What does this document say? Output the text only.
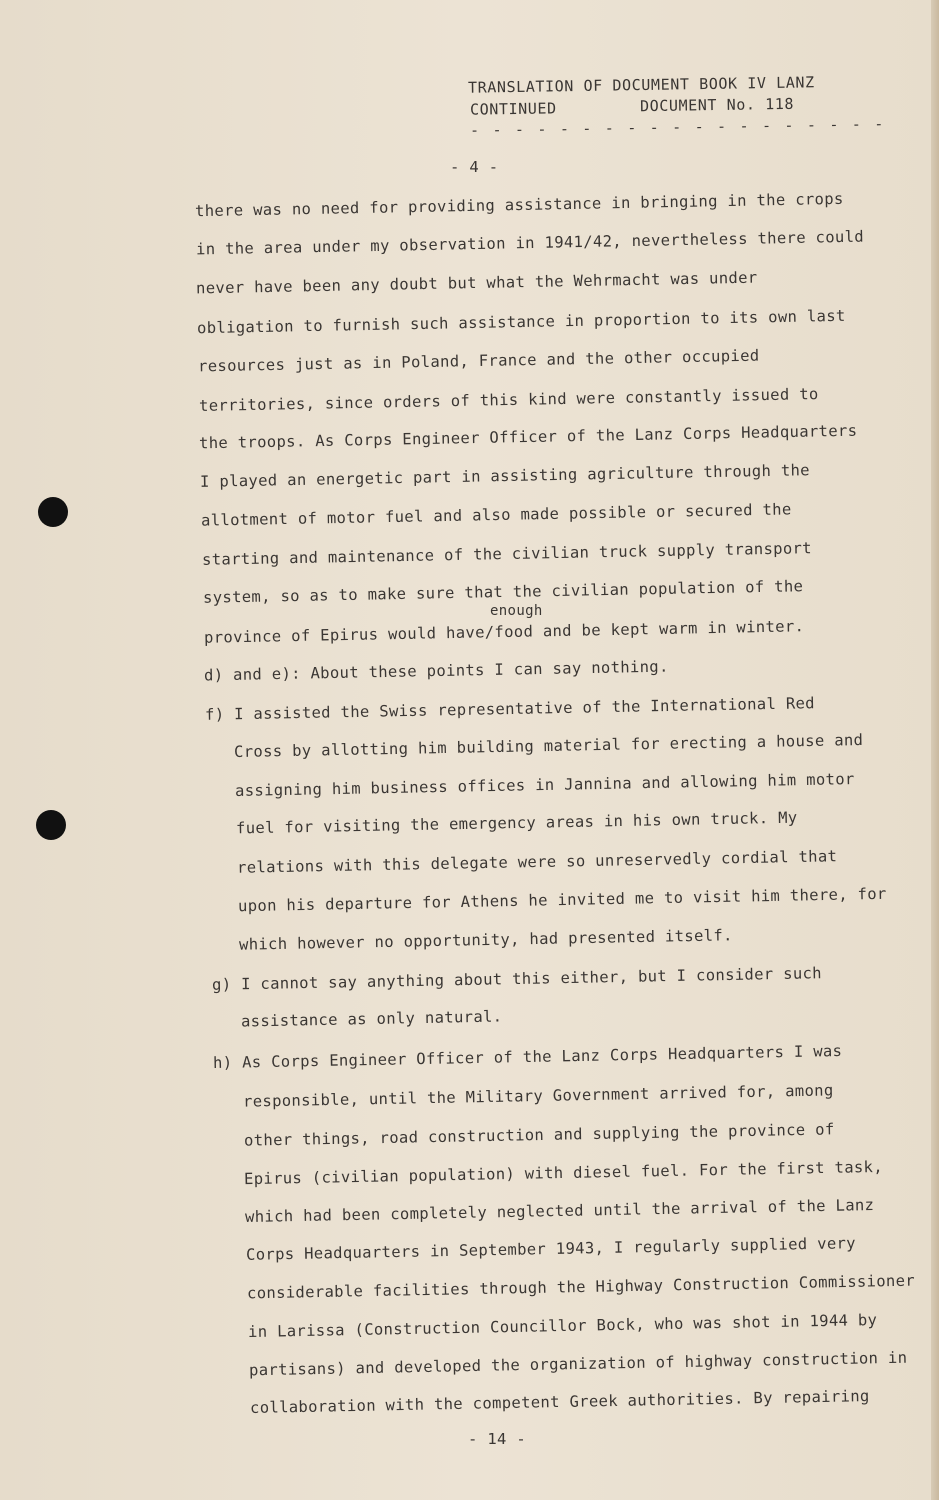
TRANSLATION OF DOCUMENT BOOK IV LANZ
CONTINUED	DOCUMENT No. 118
- - - - - - - - - - - - - - - - - - -
- 4 -
there was no need for providing assistance in bringing in the crops
in the area under my observation in 1941/42, nevertheless there could
never have been any doubt but what the Wehrmacht was under
obligation to furnish such assistance in proportion to its own last
resources just as in Poland, France and the other occupied
territories, since orders of this kind were constantly issued to
the troops. As Corps Engineer Officer of the Lanz Corps Headquarters
I played an energetic part in assisting agriculture through the
allotment of motor fuel and also made possible or secured the
starting and maintenance of the civilian truck supply transport
system, so as to make sure that the civilian population of the
enough
province of Epirus would have/food and be kept warm in winter.
d) and e): About these points I can say nothing.
f) I assisted the Swiss representative of the International Red
Cross by allotting him building material for erecting a house and
assigning him business offices in Jannina and allowing him motor
fuel for visiting the emergency areas in his own truck. My
relations with this delegate were so unreservedly cordial that
upon his departure for Athens he invited me to visit him there, for
which however no opportunity, had presented itself.
g) I cannot say anything about this either, but I consider such
assistance as only natural.
h) As Corps Engineer Officer of the Lanz Corps Headquarters I was
responsible, until the Military Government arrived for, among
other things, road construction and supplying the province of
Epirus (civilian population) with diesel fuel. For the first task,
which had been completely neglected until the arrival of the Lanz
Corps Headquarters in September 1943, I regularly supplied very
considerable facilities through the Highway Construction Commissioner
in Larissa (Construction Councillor Bock, who was shot in 1944 by
partisans) and developed the organization of highway construction in
collaboration with the competent Greek authorities. By repairing
- 14 -
